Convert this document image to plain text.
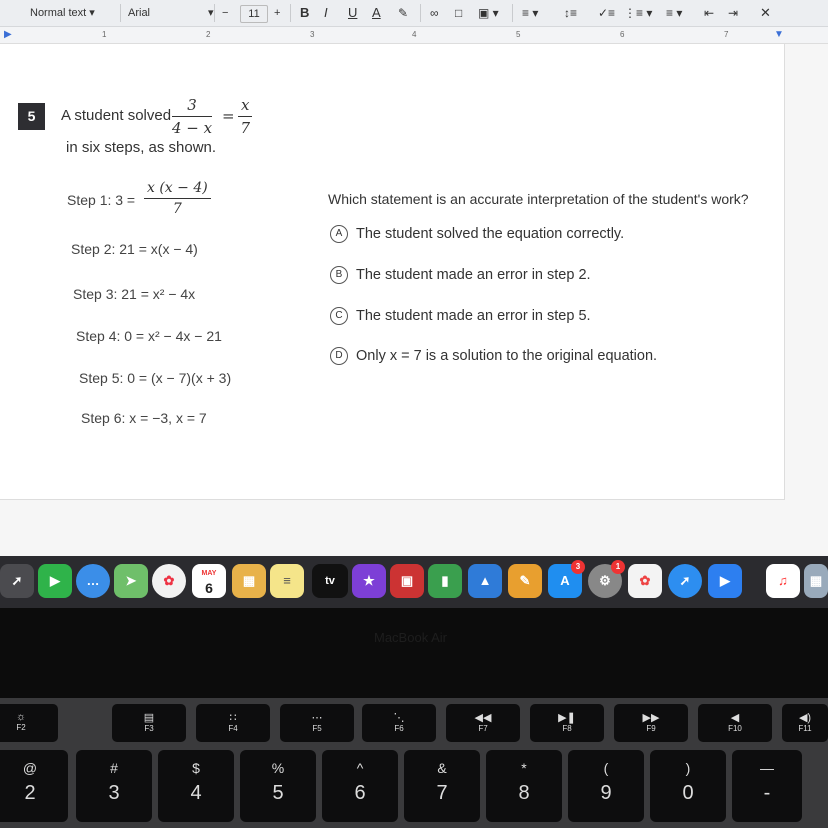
Normal text ▾	Arial	▾ −	11	+ B I U A ✎ ∞ □ ▣ ▾ ≡ ▾ ↕≡ ✓≡ ⋮≡ ▾ ≡ ▾ ⇤ ⇥ ✕
1	2	3	4	5	6	7
▶	▼
5	A student solved $\frac{3}{4 - x} = \frac{x}{7}$
in six steps, as shown.
Step 1: $3 = \frac{x (x - 4)}{7}$
Step 2: 21 = x(x − 4)
Step 3: 21 = x² − 4x
Step 4: 0 = x² − 4x − 21
Step 5: 0 = (x − 7)(x + 3)
Step 6: x = −3, x = 7
Which statement is an accurate interpretation of the student's work?
A The student solved the equation correctly.
B The student made an error in step 2.
C The student made an error in step 5.
D Only x = 7 is a solution to the original equation.
➚	▶	…	➤	✿	MAY
6	▦	≡	tv	★	▣	▮	▲	✎	A
3
⚙
1
✿	➚	▶	♫	▦
MacBook Air
☼
F2
▤
F3
∷
F4
⋯
F5
⋱
F6
◀◀
F7
▶❚
F8
▶▶
F9
◀
F10
◀)
F11
@
2
#
3
$
4
%
5
^
6
&
7
*
8
(
9
)
0
—
-
